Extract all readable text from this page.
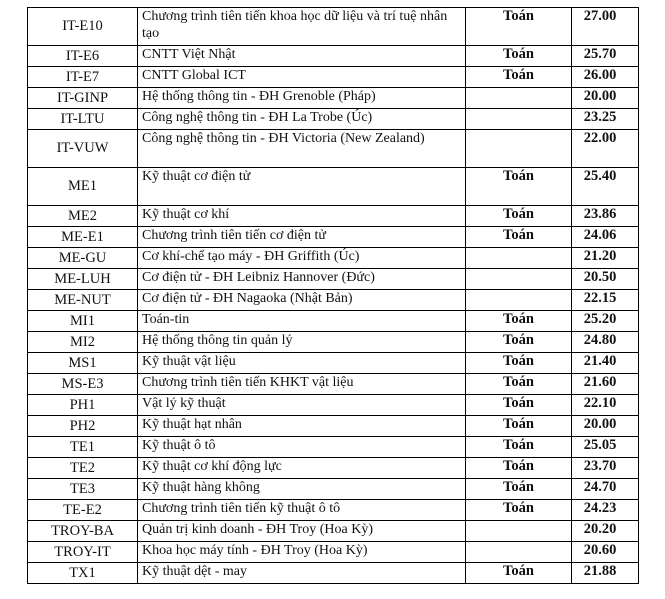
IT-E10	Chương trình tiên tiến khoa học dữ liệu và trí tuệ nhân tạo	Toán	27.00
IT-E6	CNTT Việt Nhật	Toán	25.70
IT-E7	CNTT Global ICT	Toán	26.00
IT-GINP	Hệ thống thông tin - ĐH Grenoble (Pháp)		20.00
IT-LTU	Công nghệ thông tin - ĐH La Trobe (Úc)		23.25
IT-VUW	Công nghệ thông tin - ĐH Victoria (New Zealand)		22.00
ME1	Kỹ thuật cơ điện tử	Toán	25.40
ME2	Kỹ thuật cơ khí	Toán	23.86
ME-E1	Chương trình tiên tiến cơ điện tử	Toán	24.06
ME-GU	Cơ khí-chế tạo máy - ĐH Griffith (Úc)		21.20
ME-LUH	Cơ điện tử - ĐH Leibniz Hannover (Đức)		20.50
ME-NUT	Cơ điện tử - ĐH Nagaoka (Nhật Bản)		22.15
MI1	Toán-tin	Toán	25.20
MI2	Hệ thống thông tin quản lý	Toán	24.80
MS1	Kỹ thuật vật liệu	Toán	21.40
MS-E3	Chương trình tiên tiến KHKT vật liệu	Toán	21.60
PH1	Vật lý kỹ thuật	Toán	22.10
PH2	Kỹ thuật hạt nhân	Toán	20.00
TE1	Kỹ thuật ô tô	Toán	25.05
TE2	Kỹ thuật cơ khí động lực	Toán	23.70
TE3	Kỹ thuật hàng không	Toán	24.70
TE-E2	Chương trình tiên tiến kỹ thuật ô tô	Toán	24.23
TROY-BA	Quản trị kinh doanh - ĐH Troy (Hoa Kỳ)		20.20
TROY-IT	Khoa học máy tính - ĐH Troy (Hoa Kỳ)		20.60
TX1	Kỹ thuật dệt - may	Toán	21.88
